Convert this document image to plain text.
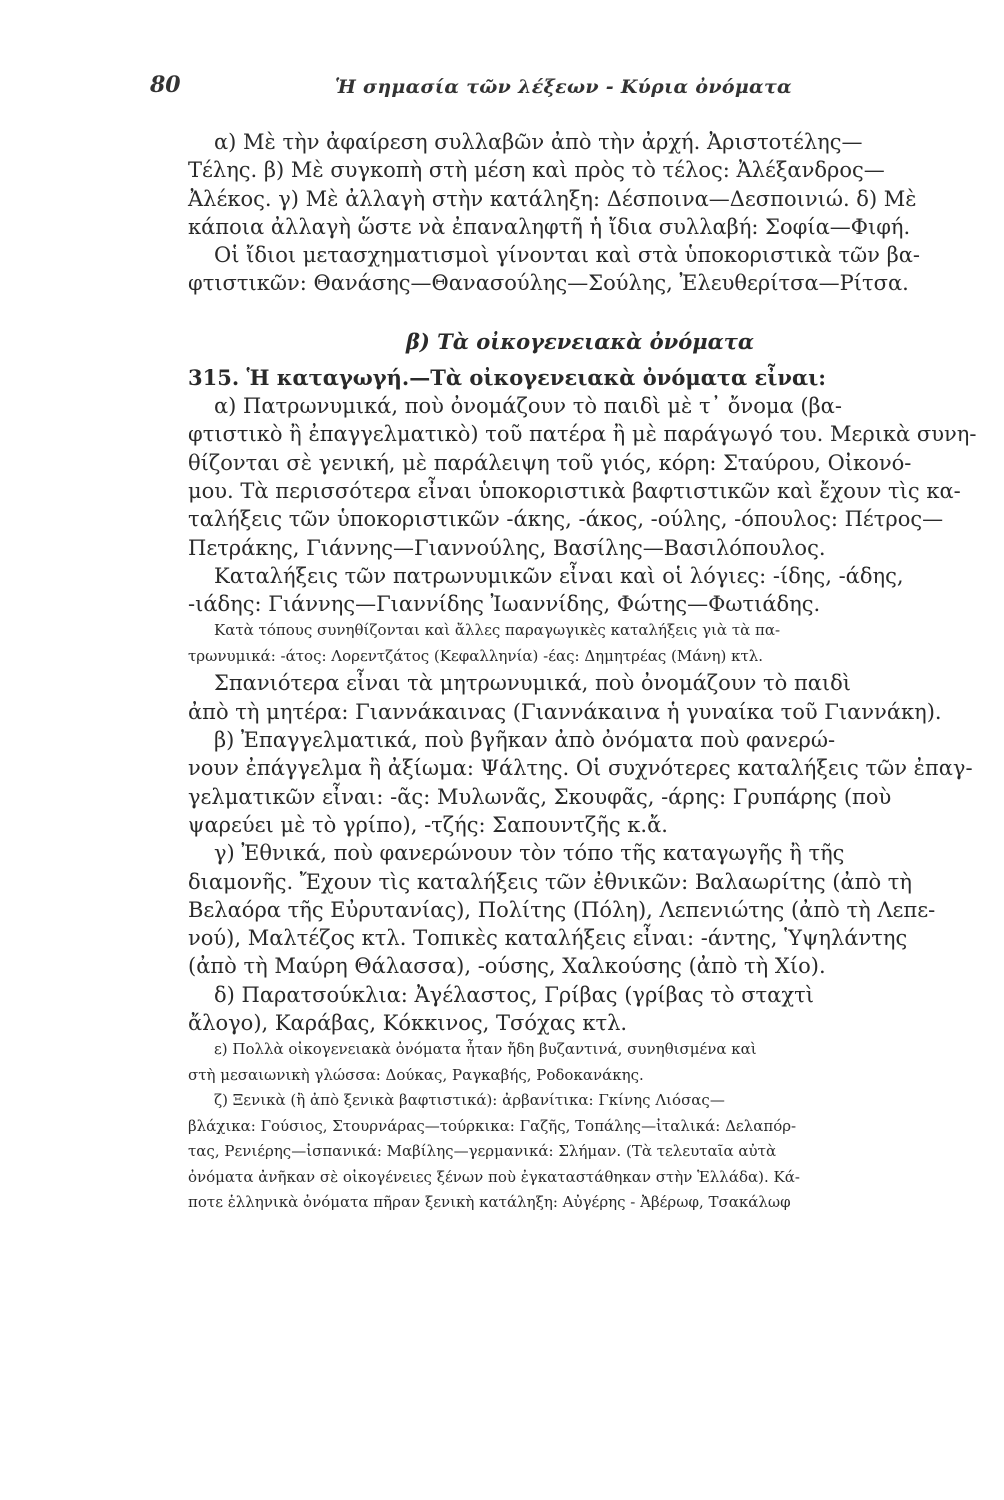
80	Ἡ σημασία τῶν λέξεων - Κύρια ὀνόματα
α) Μὲ τὴν ἀφαίρεση συλλαβῶν ἀπὸ τὴν ἀρχή. Ἀριστοτέλης—
Τέλης. β) Μὲ συγκοπὴ στὴ μέση καὶ πρὸς τὸ τέλος: Ἀλέξανδρος—
Ἀλέκος. γ) Μὲ ἀλλαγὴ στὴν κατάληξη: Δέσποινα—Δεσποινιώ. δ) Μὲ
κάποια ἀλλαγὴ ὥστε νὰ ἐπαναληφτῆ ἡ ἴδια συλλαβή: Σοφία—Φιφή.
Οἱ ἴδιοι μετασχηματισμοὶ γίνονται καὶ στὰ ὑποκοριστικὰ τῶν βα-
φτιστικῶν: Θανάσης—Θανασούλης—Σούλης, Ἐλευθερίτσα—Ρίτσα.
β) Τὰ οἰκογενειακὰ ὀνόματα
315. Ἡ καταγωγή.—Τὰ οἰκογενειακὰ ὀνόματα εἶναι:
α) Πατρωνυμικά, ποὺ ὀνομάζουν τὸ παιδὶ μὲ τ᾽ ὄνομα (βα-
φτιστικὸ ἢ ἐπαγγελματικὸ) τοῦ πατέρα ἢ μὲ παράγωγό του. Μερικὰ συνη-
θίζονται σὲ γενική, μὲ παράλειψη τοῦ γιός, κόρη: Σταύρου, Οἰκονό-
μου. Τὰ περισσότερα εἶναι ὑποκοριστικὰ βαφτιστικῶν καὶ ἔχουν τὶς κα-
ταλήξεις τῶν ὑποκοριστικῶν -άκης, -άκος, -ούλης, -όπουλος: Πέτρος—
Πετράκης, Γιάννης—Γιαννούλης, Βασίλης—Βασιλόπουλος.
Καταλήξεις τῶν πατρωνυμικῶν εἶναι καὶ οἱ λόγιες: -ίδης, -άδης,
-ιάδης: Γιάννης—Γιαννίδης Ἰωαννίδης, Φώτης—Φωτιάδης.
Κατὰ τόπους συνηθίζονται καὶ ἄλλες παραγωγικὲς καταλήξεις γιὰ τὰ πα-
τρωνυμικά: -άτος: Λορεντζάτος (Κεφαλληνία) -έας: Δημητρέας (Μάνη) κτλ.
Σπανιότερα εἶναι τὰ μητρωνυμικά, ποὺ ὀνομάζουν τὸ παιδὶ
ἀπὸ τὴ μητέρα: Γιαννάκαινας (Γιαννάκαινα ἡ γυναίκα τοῦ Γιαννάκη).
β) Ἐπαγγελματικά, ποὺ βγῆκαν ἀπὸ ὀνόματα ποὺ φανερώ-
νουν ἐπάγγελμα ἢ ἀξίωμα: Ψάλτης. Οἱ συχνότερες καταλήξεις τῶν ἐπαγ-
γελματικῶν εἶναι: -ᾶς: Μυλωνᾶς, Σκουφᾶς, -άρης: Γρυπάρης (ποὺ
ψαρεύει μὲ τὸ γρίπο), -τζής: Σαπουντζῆς κ.ἄ.
γ) Ἐθνικά, ποὺ φανερώνουν τὸν τόπο τῆς καταγωγῆς ἢ τῆς
διαμονῆς. Ἔχουν τὶς καταλήξεις τῶν ἐθνικῶν: Βαλαωρίτης (ἀπὸ τὴ
Βελαόρα τῆς Εὐρυτανίας), Πολίτης (Πόλη), Λεπενιώτης (ἀπὸ τὴ Λεπε-
νού), Μαλτέζος κτλ. Τοπικὲς καταλήξεις εἶναι: -άντης, Ὑψηλάντης
(ἀπὸ τὴ Μαύρη Θάλασσα), -ούσης, Χαλκούσης (ἀπὸ τὴ Χίο).
δ) Παρατσούκλια: Ἀγέλαστος, Γρίβας (γρίβας τὸ σταχτὶ
ἄλογο), Καράβας, Κόκκινος, Τσόχας κτλ.
ε) Πολλὰ οἰκογενειακὰ ὀνόματα ἦταν ἤδη βυζαντινά, συνηθισμένα καὶ
στὴ μεσαιωνικὴ γλώσσα: Δούκας, Ραγκαβής, Ροδοκανάκης.
ζ) Ξενικὰ (ἢ ἀπὸ ξενικὰ βαφτιστικά): ἀρβανίτικα: Γκίνης Λιόσας—
βλάχικα: Γούσιος, Στουρνάρας—τούρκικα: Γαζῆς, Τοπάλης—ἰταλικά: Δελαπόρ-
τας, Ρενιέρης—ἰσπανικά: Μαβίλης—γερμανικά: Σλήμαν. (Τὰ τελευταῖα αὐτὰ
ὀνόματα ἀνῆκαν σὲ οἰκογένειες ξένων ποὺ ἐγκαταστάθηκαν στὴν Ἑλλάδα). Κά-
ποτε ἑλληνικὰ ὀνόματα πῆραν ξενικὴ κατάληξη: Αὐγέρης - Ἀβέρωφ, Τσακάλωφ
